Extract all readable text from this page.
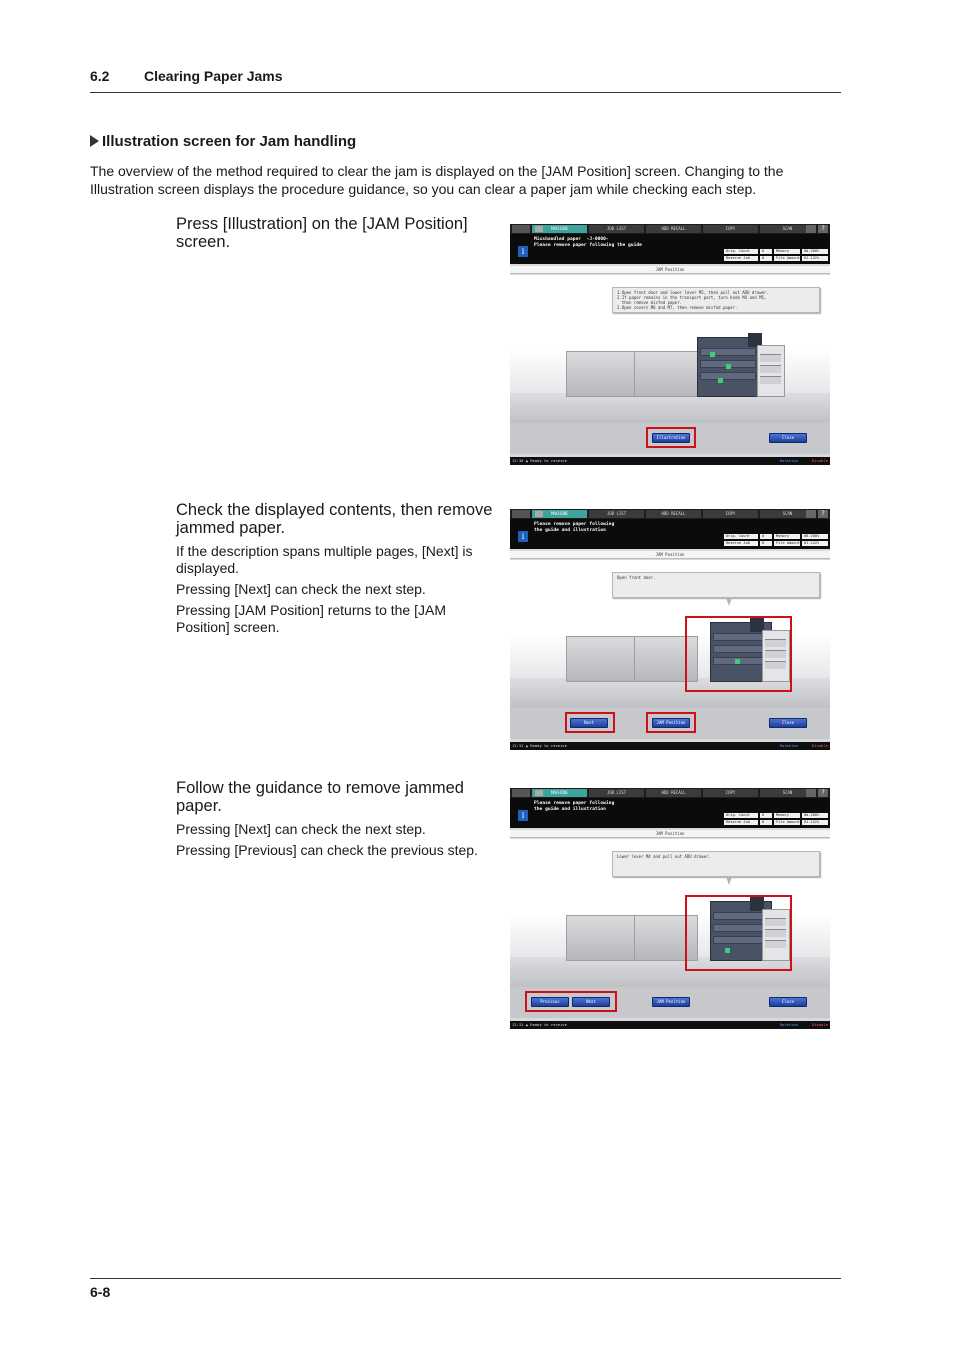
6.2 Clearing Paper Jams
Illustration screen for Jam handling
The overview of the method required to clear the jam is displayed on the [JAM Position] screen. Changing to the Illustration screen displays the procedure guidance, so you can clear a paper jam while checking each step.

Press [Illustration] on the [JAM Position] screen.

Check the displayed contents, then remove jammed paper.

If the description spans multiple pages, [Next] is displayed.

Pressing [Next] can check the next step.

Pressing [JAM Position] returns to the [JAM Position] screen.

Follow the guidance to remove jammed paper.

Pressing [Next] can check the next step.

Pressing [Previous] can check the previous step.

MACHINE	JOB LIST	HDD RECALL	COPY	SCAN	?
i
Misshandled paper  -J-0000-
Please remove paper following the guide
Orig. Count	0	Memory	00.200%
Reserve Job	0	File Amount	01.142%
JAM Position
1.Open front door and lower lever M5, then pull out ADU drawer.
2.If paper remains in the transport part, turn knob M4 and M5,
then remove misfed paper.
2.Open covers M6 and M7, then remove misfed paper.
Illustration	Close
12:30 ▲ Ready to receive	Rotation	Disable
MACHINE	JOB LIST	HDD RECALL	COPY	SCAN	?
i
Please remove paper following
the guide and illustration
Orig. Count	0	Memory	00.200%
Reserve Job	0	File Amount	01.142%
JAM Position
Open front door.
Next	JAM Position	Close
12:31 ▲ Ready to receive	Rotation	Disable
MACHINE	JOB LIST	HDD RECALL	COPY	SCAN	?
i
Please remove paper following
the guide and illustration
Orig. Count	0	Memory	00.200%
Reserve Job	0	File Amount	01.142%
JAM Position
Lower lever M4 and pull out ADU drawer.
Previous	Next	JAM Position	Close
12:31 ▲ Ready to receive	Rotation	Disable
6-8
